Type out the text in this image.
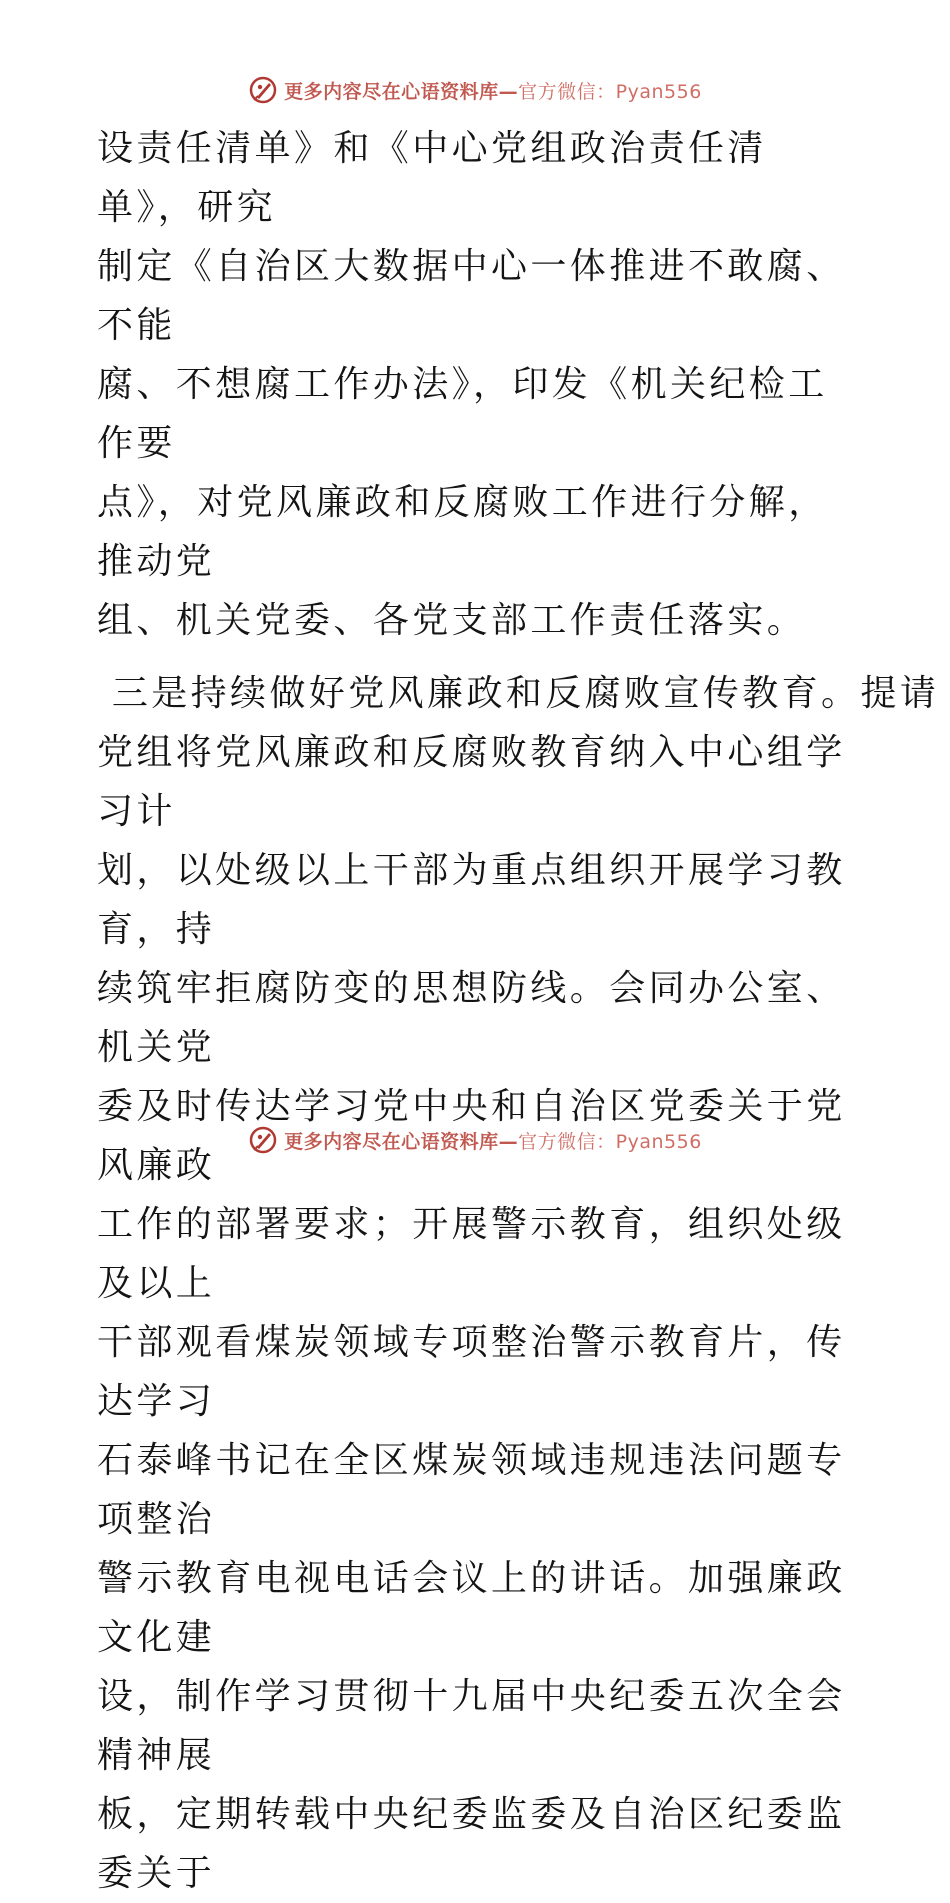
更多内容尽在心语资料库—官方微信：Pyan556
设责任清单》和《中心党组政治责任清单》，研究
制定《自治区大数据中心一体推进不敢腐、不能
腐、不想腐工作办法》，印发《机关纪检工作要
点》，对党风廉政和反腐败工作进行分解，推动党
组、机关党委、各党支部工作责任落实。
三是持续做好党风廉政和反腐败宣传教育。提请
党组将党风廉政和反腐败教育纳入中心组学习计
划，以处级以上干部为重点组织开展学习教育，持
续筑牢拒腐防变的思想防线。会同办公室、机关党
委及时传达学习党中央和自治区党委关于党风廉政
工作的部署要求；开展警示教育，组织处级及以上
干部观看煤炭领域专项整治警示教育片，传达学习
石泰峰书记在全区煤炭领域违规违法问题专项整治
警示教育电视电话会议上的讲话。加强廉政文化建
设，制作学习贯彻十九届中央纪委五次全会精神展
板，定期转载中央纪委监委及自治区纪委监委关于
更多内容尽在心语资料库—官方微信：Pyan556
